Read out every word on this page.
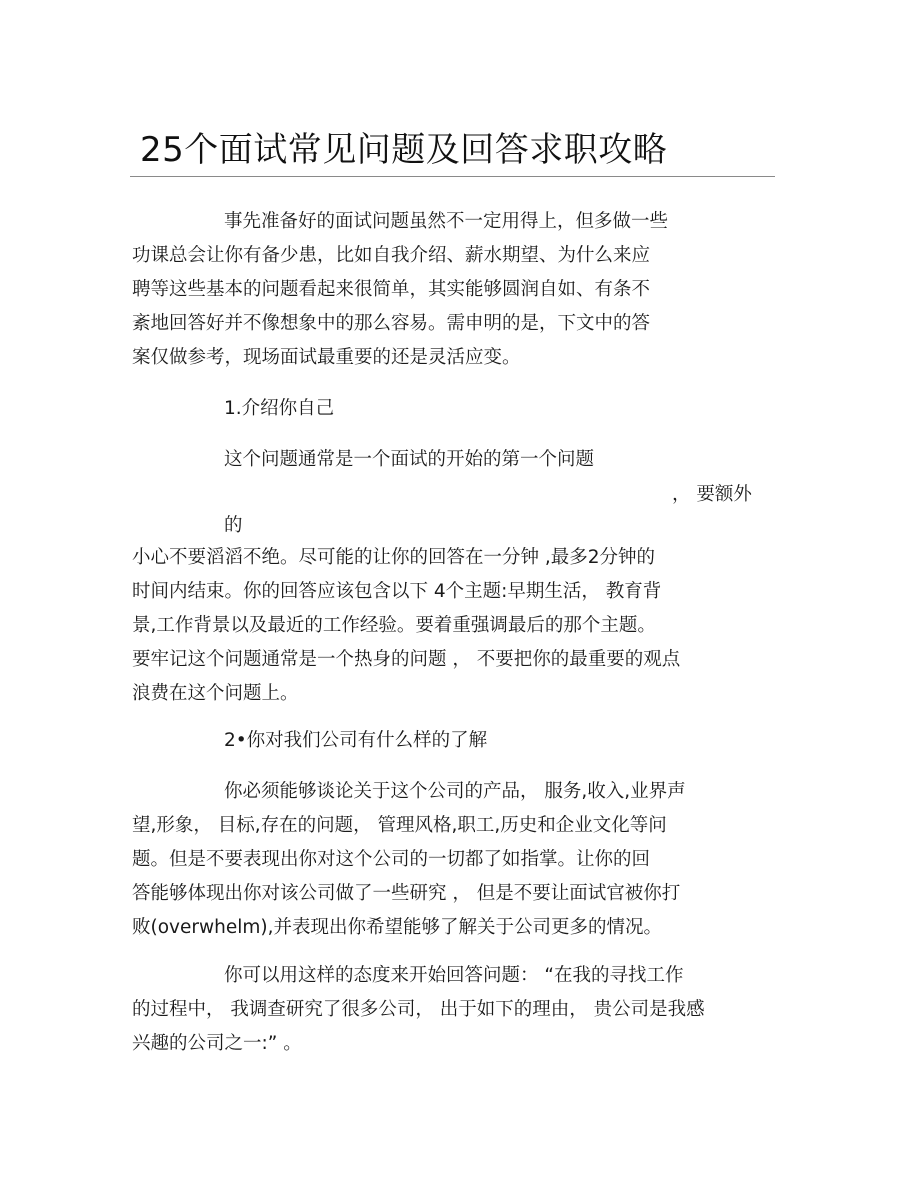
25个面试常见问题及回答求职攻略
事先准备好的面试问题虽然不一定用得上，但多做一些
功课总会让你有备少患，比如自我介绍、薪水期望、为什么来应
聘等这些基本的问题看起来很简单，其实能够圆润自如、有条不
紊地回答好并不像想象中的那么容易。需申明的是，下文中的答
案仅做参考，现场面试最重要的还是灵活应变。
1.介绍你自己
这个问题通常是一个面试的开始的第一个问题
， 要额外
的
小心不要滔滔不绝。尽可能的让你的回答在一分钟 ,最多2分钟的
时间内结束。你的回答应该包含以下 4个主题:早期生活， 教育背
景,工作背景以及最近的工作经验。要着重强调最后的那个主题。
要牢记这个问题通常是一个热身的问题 ， 不要把你的最重要的观点
浪费在这个问题上。
2•你对我们公司有什么样的了解
你必须能够谈论关于这个公司的产品， 服务,收入,业界声
望,形象， 目标,存在的问题， 管理风格,职工,历史和企业文化等问
题。但是不要表现出你对这个公司的一切都了如指掌。让你的回
答能够体现出你对该公司做了一些研究 ， 但是不要让面试官被你打
败(overwhelm),并表现出你希望能够了解关于公司更多的情况。
你可以用这样的态度来开始回答问题： “在我的寻找工作
的过程中， 我调查研究了很多公司， 出于如下的理由， 贵公司是我感
兴趣的公司之一:” 。
